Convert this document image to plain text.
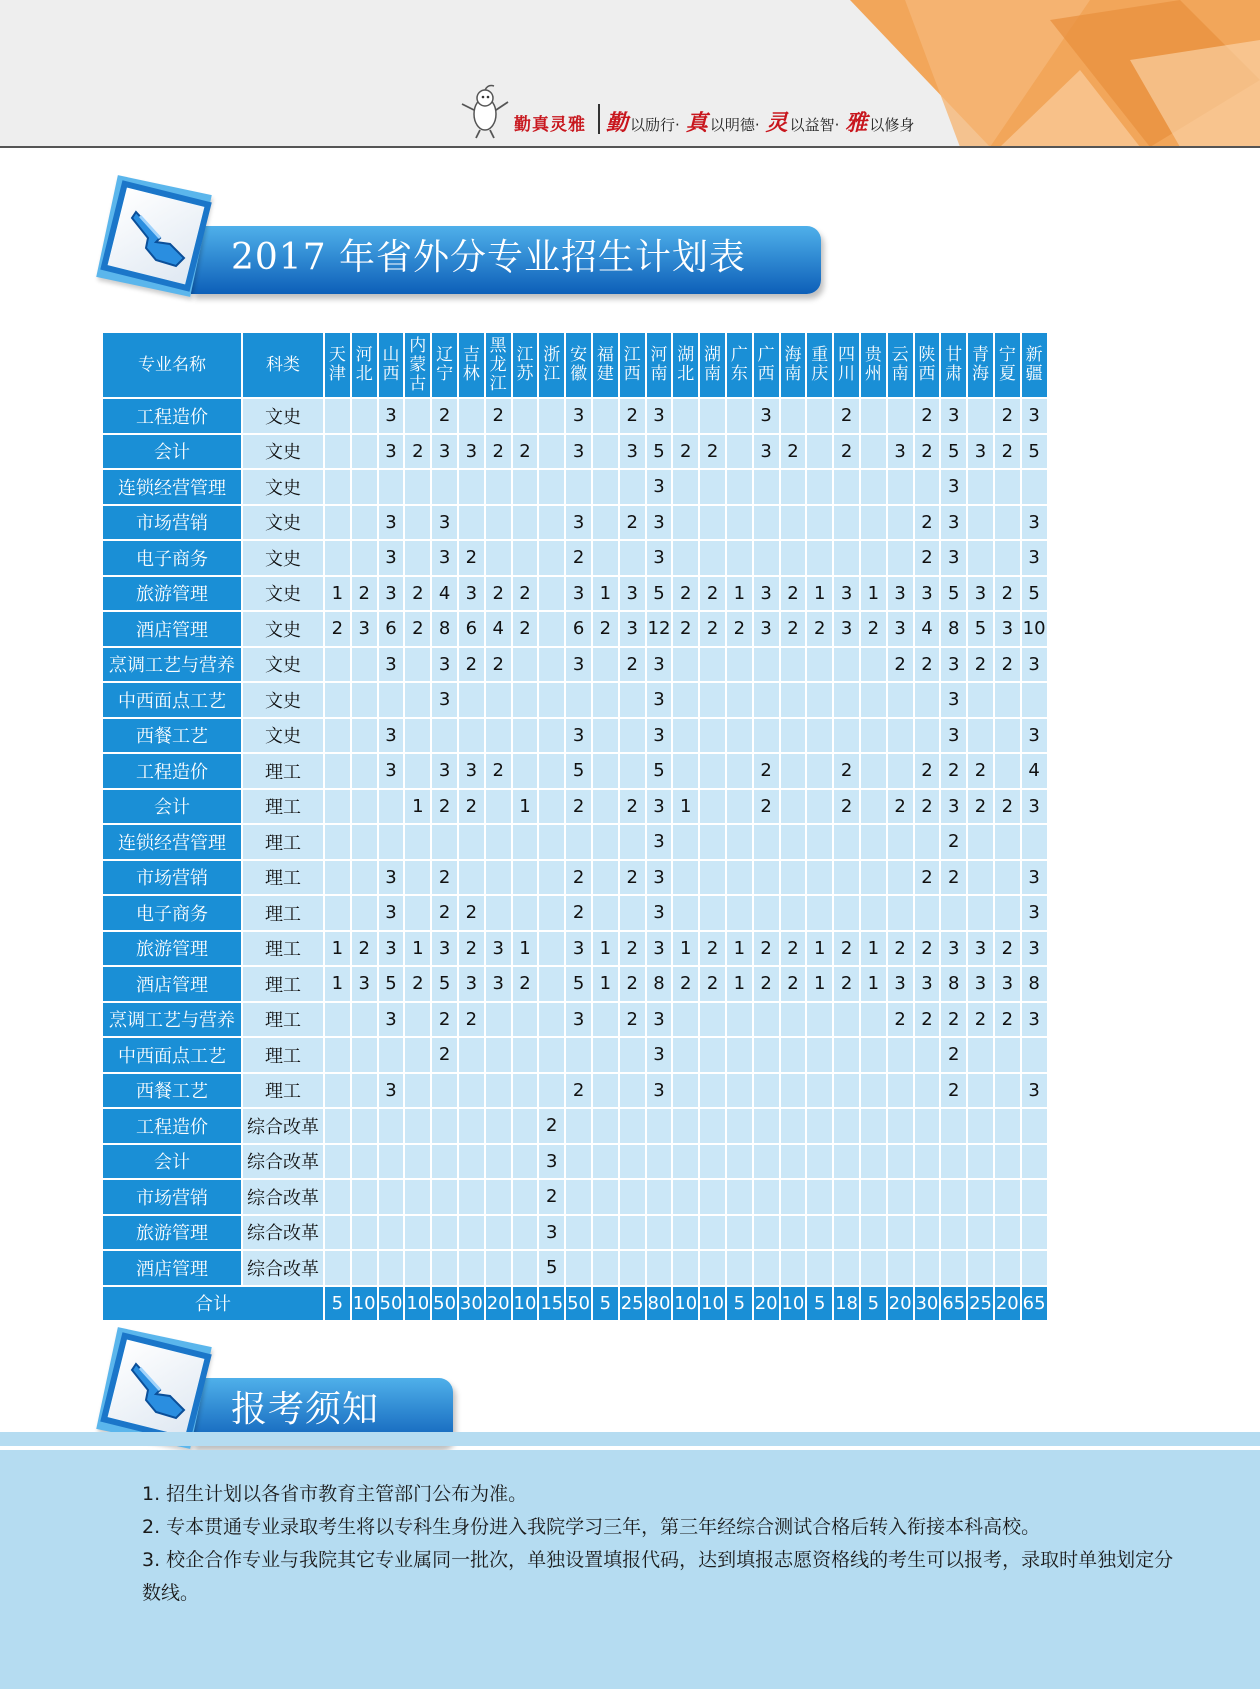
勤真灵雅 勤 以励行· 真 以明德· 灵 以益智· 雅 以修身
2017 年省外分专业招生计划表
专业名称	科类	天津	河北	山西	内蒙古	辽宁	吉林	黑龙江	江苏	浙江	安徽	福建	江西	河南	湖北	湖南	广东	广西	海南	重庆	四川	贵州	云南	陕西	甘肃	青海	宁夏	新疆
工程造价	文史			3		2		2			3		2	3				3			2			2	3		2	3
会计	文史			3	2	3	3	2	2		3		3	5	2	2		3	2		2		3	2	5	3	2	5
连锁经营管理	文史													3											3			
市场营销	文史			3		3					3		2	3										2	3			3
电子商务	文史			3		3	2				2			3										2	3			3
旅游管理	文史	1	2	3	2	4	3	2	2		3	1	3	5	2	2	1	3	2	1	3	1	3	3	5	3	2	5
酒店管理	文史	2	3	6	2	8	6	4	2		6	2	3	12	2	2	2	3	2	2	3	2	3	4	8	5	3	10
烹调工艺与营养	文史			3		3	2	2			3		2	3									2	2	3	2	2	3
中西面点工艺	文史					3								3											3			
西餐工艺	文史			3							3			3											3			3
工程造价	理工			3		3	3	2			5			5				2			2			2	2	2		4
会计	理工				1	2	2		1		2		2	3	1			2			2		2	2	3	2	2	3
连锁经营管理	理工													3											2			
市场营销	理工			3		2					2		2	3										2	2			3
电子商务	理工			3		2	2				2			3														3
旅游管理	理工	1	2	3	1	3	2	3	1		3	1	2	3	1	2	1	2	2	1	2	1	2	2	3	3	2	3
酒店管理	理工	1	3	5	2	5	3	3	2		5	1	2	8	2	2	1	2	2	1	2	1	3	3	8	3	3	8
烹调工艺与营养	理工			3		2	2				3		2	3									2	2	2	2	2	3
中西面点工艺	理工					2								3											2			
西餐工艺	理工			3							2			3											2			3
工程造价	综合改革									2																		
会计	综合改革									3																		
市场营销	综合改革									2																		
旅游管理	综合改革									3																		
酒店管理	综合改革									5																		
合计		5	10	50	10	50	30	20	10	15	50	5	25	80	10	10	5	20	10	5	18	5	20	30	65	25	20	65
报考须知

1. 招生计划以各省市教育主管部门公布为准。

2. 专本贯通专业录取考生将以专科生身份进入我院学习三年，第三年经综合测试合格后转入衔接本科高校。

3. 校企合作专业与我院其它专业属同一批次，单独设置填报代码，达到填报志愿资格线的考生可以报考，录取时单独划定分数线。
